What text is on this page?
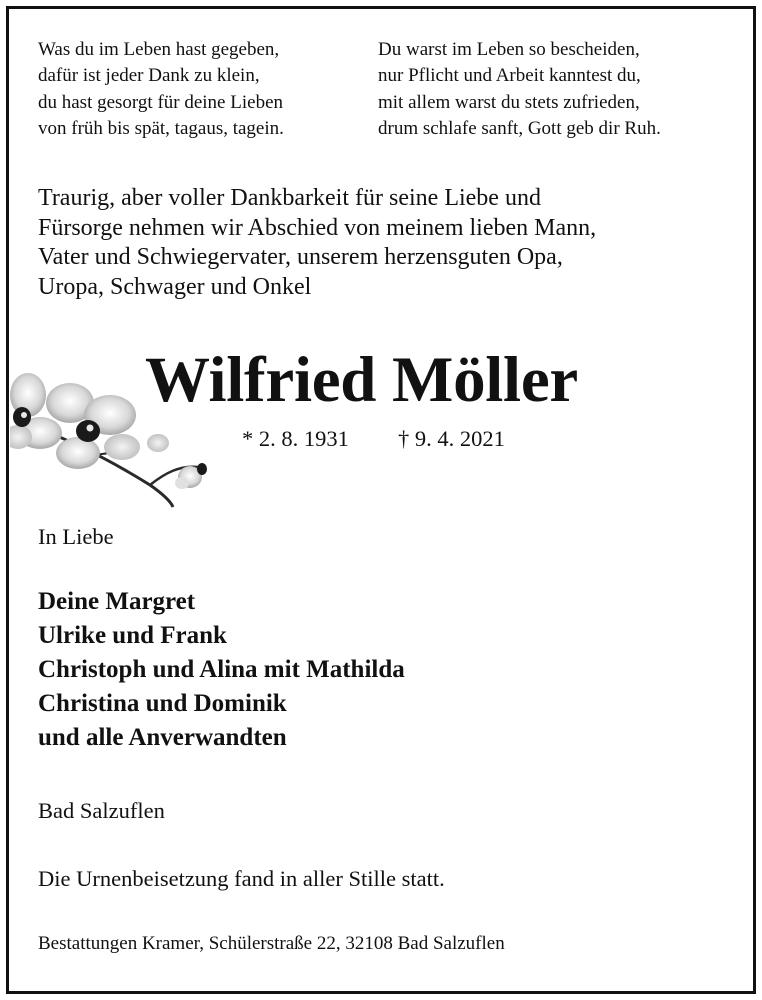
Was du im Leben hast gegeben,
dafür ist jeder Dank zu klein,
du hast gesorgt für deine Lieben
von früh bis spät, tagaus, tagein.
Du warst im Leben so bescheiden,
nur Pflicht und Arbeit kanntest du,
mit allem warst du stets zufrieden,
drum schlafe sanft, Gott geb dir Ruh.
Traurig, aber voller Dankbarkeit für seine Liebe und
Fürsorge nehmen wir Abschied von meinem lieben Mann,
Vater und Schwiegervater, unserem herzensguten Opa,
Uropa, Schwager und Onkel
Wilfried Möller
* 2. 8. 1931 † 9. 4. 2021
In Liebe
Deine Margret
Ulrike und Frank
Christoph und Alina mit Mathilda
Christina und Dominik
und alle Anverwandten
Bad Salzuflen
Die Urnenbeisetzung fand in aller Stille statt.
Bestattungen Kramer, Schülerstraße 22, 32108 Bad Salzuflen
